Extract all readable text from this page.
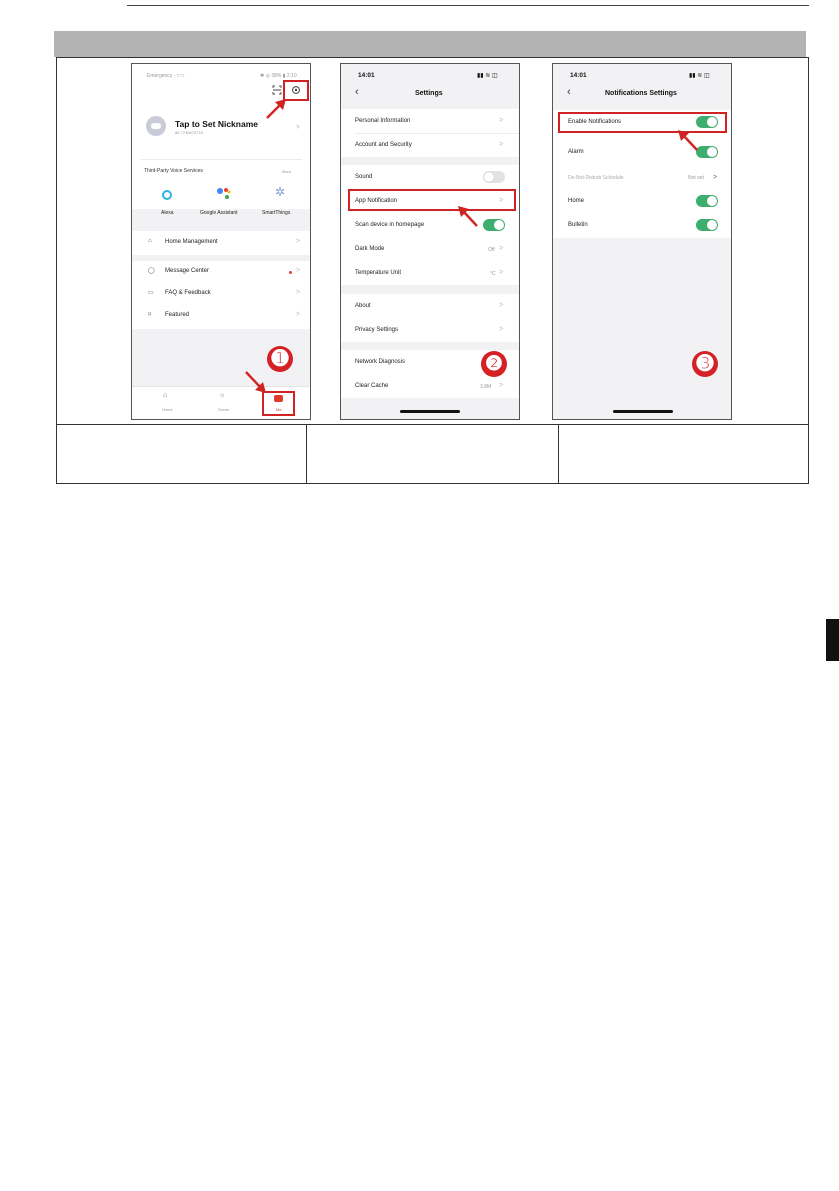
Emergency · ≈ □ ·	✱ ◎ 38% ▮ 2:10
Tap to Set Nickname
86 7745673716
>
Third-Party Voice Services	More
✲
Alexa	Google Assistant	SmartThings
⌂ Home Management	>
◯ Message Center	>
▭ FAQ & Feedback	>
⌑ Featured	>
➊
⌂
Home
☼
Scene	Me
14:01	▮▮ ≋ ◫
‹	Settings
Personal Information	>
Account and Security	>
Sound
App Notification	>
Scan device in homepage
Dark Mode	Off >
Temperature Unit	°C >
About	>
Privacy Settings	>
Network Diagnosis
Clear Cache	3.8M >
❷
14:01	▮▮ ≋ ◫
‹	Notifications Settings
Enable Notifications
Alarm
Do-Not-Disturb Schedule	Not set >
Home
Bulletin
➌
